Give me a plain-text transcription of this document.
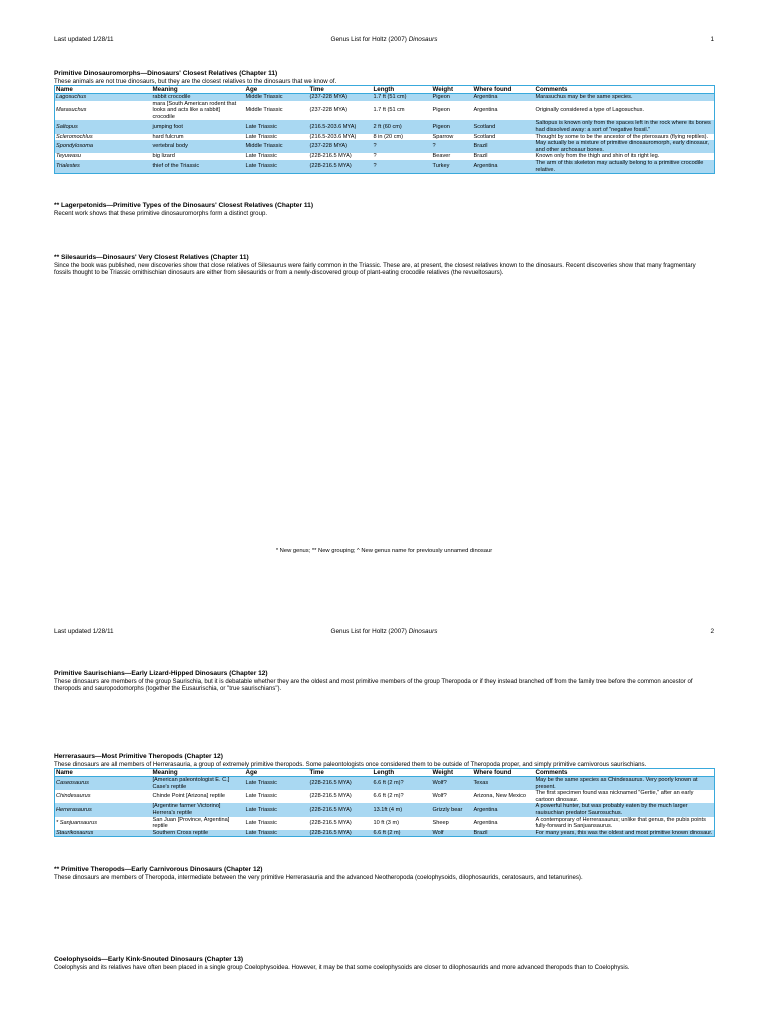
Last updated 1/28/11	Genus List for Holtz (2007) Dinosaurs	1
Primitive Dinosauromorphs—Dinosaurs' Closest Relatives (Chapter 11)
These animals are not true dinosaurs, but they are the closest relatives to the dinosaurs that we know of.
Name	Meaning	Age	Time	Length	Weight	Where found	Comments
Lagosuchus	rabbit crocodile	Middle Triassic	(237-228 MYA)	1.7 ft (51 cm)	Pigeon	Argentina	Marasuchus may be the same species.
Marasuchus	mara [South American rodent that looks and acts like a rabbit] crocodile	Middle Triassic	(237-228 MYA)	1.7 ft (51 cm	Pigeon	Argentina	Originally considered a type of Lagosuchus.
Saltopus	jumping foot	Late Triassic	(216.5-203.6 MYA)	2 ft (60 cm)	Pigeon	Scotland	Saltopus is known only from the spaces left in the rock where its bones had dissolved away: a sort of "negative fossil."
Scleromochlus	hard fulcrum	Late Triassic	(216.5-203.6 MYA)	8 in (20 cm)	Sparrow	Scotland	Thought by some to be the ancestor of the pterosaurs (flying reptiles).
Spondylosoma	vertebral body	Middle Triassic	(237-228 MYA)	?	?	Brazil	May actually be a mixture of primitive dinosauromorph, early dinosaur, and other archosaur bones.
Teyuwasu	big lizard	Late Triassic	(228-216.5 MYA)	?	Beaver	Brazil	Known only from the thigh and shin of its right leg.
Trialestes	thief of the Triassic	Late Triassic	(228-216.5 MYA)	?	Turkey	Argentina	The arm of this skeleton may actually belong to a primitive crocodile relative.
** Lagerpetonids—Primitive Types of the Dinosaurs' Closest Relatives (Chapter 11)
Recent work shows that these primitive dinosauromorphs form a distinct group.
** Silesaurids—Dinosaurs' Very Closest Relatives (Chapter 11)
Since the book was published, new discoveries show that close relatives of Silesaurus were fairly common in the Triassic. These are, at present, the closest relatives known to the dinosaurs. Recent discoveries show that many fragmentary fossils thought to be Triassic ornithischian dinosaurs are either from silesaurids or from a newly-discovered group of plant-eating crocodile relatives (the revueltosaurs).
* New genus; ** New grouping; ^ New genus name for previously unnamed dinosaur
Last updated 1/28/11	Genus List for Holtz (2007) Dinosaurs	2
Primitive Saurischians—Early Lizard-Hipped Dinosaurs (Chapter 12)
These dinosaurs are members of the group Saurischia, but it is debatable whether they are the oldest and most primitive members of the group Theropoda or if they instead branched off from the family tree before the common ancestor of theropods and sauropodomorphs (together the Eusaurischia, or "true saurischians").
Herrerasaurs—Most Primitive Theropods (Chapter 12)
These dinosaurs are all members of Herrerasauria, a group of extremely primitive theropods. Some paleontologists once considered them to be outside of Theropoda proper, and simply primitive carnivorous saurischians.
Name	Meaning	Age	Time	Length	Weight	Where found	Comments
Caseosaurus	[American paleontologist E. C.] Case's reptile	Late Triassic	(228-216.5 MYA)	6.6 ft (2 m)?	Wolf?	Texas	May be the same species as Chindesaurus. Very poorly known at present.
Chindesaurus	Chinde Point [Arizona] reptile	Late Triassic	(228-216.5 MYA)	6.6 ft (2 m)?	Wolf?	Arizona, New Mexico	The first specimen found was nicknamed "Gertie," after an early cartoon dinosaur.
Herrerasaurus	[Argentine farmer Victorino] Herrera's reptile	Late Triassic	(228-216.5 MYA)	13.1ft (4 m)	Grizzly bear	Argentina	A powerful hunter, but was probably eaten by the much larger rauisuchian predator Saurosuchus.
* Sanjuansaurus	San Juan [Province, Argentina] reptile	Late Triassic	(228-216.5 MYA)	10 ft (3 m)	Sheep	Argentina	A contemporary of Herrerasaurus; unlike that genus, the pubis points fully-forward in Sanjuansaurus.
Staurikosaurus	Southern Cross reptile	Late Triassic	(228-216.5 MYA)	6.6 ft (2 m)	Wolf	Brazil	For many years, this was the oldest and most primitive known dinosaur.
** Primitive Theropods—Early Carnivorous Dinosaurs (Chapter 12)
These dinosaurs are members of Theropoda, intermediate between the very primitive Herrerasauria and the advanced Neotheropoda (coelophysoids, dilophosaurids, ceratosaurs, and tetanurines).
Coelophysoids—Early Kink-Snouted Dinosaurs (Chapter 13)
Coelophysis and its relatives have often been placed in a single group Coelophysoidea. However, it may be that some coelophysoids are closer to dilophosaurids and more advanced theropods than to Coelophysis.
